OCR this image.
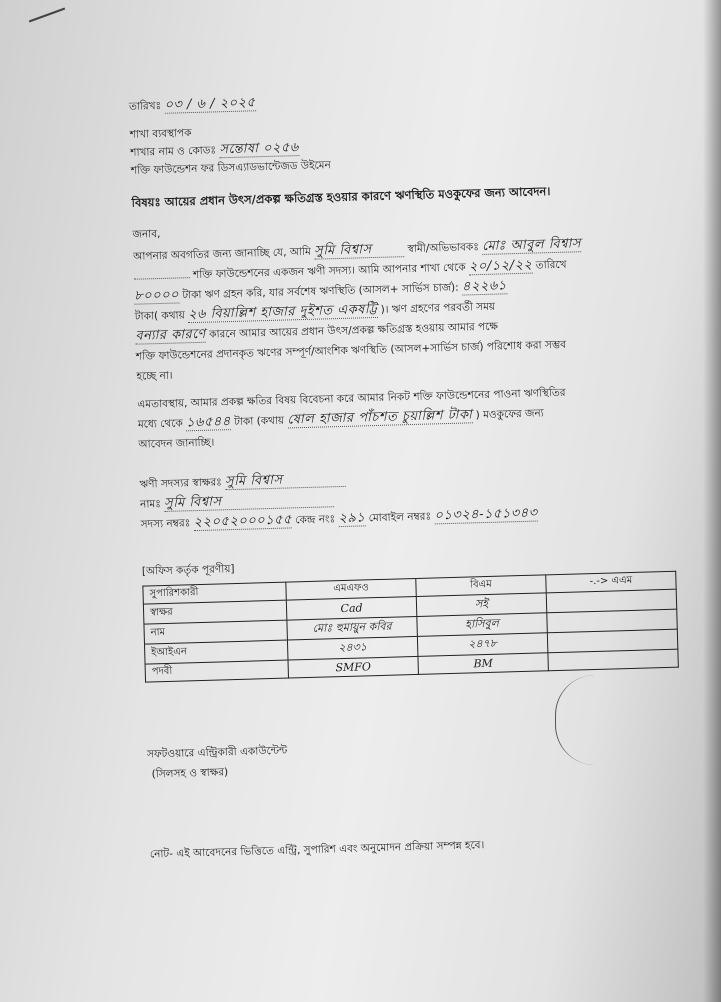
তারিখঃ ০৩ / ৬ / ২০২৫
শাখা ব্যবস্থাপক
শাখার নাম ও কোডঃ সন্তোষা ০২৫৬
শক্তি ফাউন্ডেশন ফর ডিসএ্যাডভান্টেজড উইমেন
বিষয়ঃ আয়ের প্রধান উৎস/প্রকল্প ক্ষতিগ্রস্ত হওয়ার কারণে ঋণস্থিতি মওকুফের জন্য আবেদন।
জনাব,
আপনার অবগতির জন্য জানাচ্ছি যে, আমি সুমি বিশ্বাস	স্বামী/অভিভাবকঃ মোঃ আবুল বিশ্বাস
শক্তি ফাউন্ডেশনের একজন ঋণী সদস্য। আমি আপনার শাখা থেকে ২০/১২/২২ তারিখে
৮০০০০ টাকা ঋণ গ্রহন করি, যার সর্বশেষ ঋণস্থিতি (আসল+ সার্ভিস চার্জ): ৪২২৬১
টাকা( কথায় ২৬ বিয়াল্লিশ হাজার দুইশত একষট্টি )। ঋণ গ্রহণের পরবর্তী সময়
বন্যার কারণে কারনে আমার আয়ের প্রধান উৎস/প্রকল্প ক্ষতিগ্রস্ত হওয়ায় আমার পক্ষে
শক্তি ফাউন্ডেশনের প্রদানকৃত ঋণের সম্পূর্ণ/আংশিক ঋণস্থিতি (আসল+সার্ভিস চার্জ) পরিশোধ করা সম্ভব
হচ্ছে না।
এমতাবস্থায়, আমার প্রকল্প ক্ষতির বিষয় বিবেচনা করে আমার নিকট শক্তি ফাউন্ডেশনের পাওনা ঋণস্থিতির
মধ্যে থেকে ১৬৫৪৪ টাকা (কথায় ষোল হাজার পাঁচশত চুয়াল্লিশ টাকা ) মওকুফের জন্য
আবেদন জানাচ্ছি।
ঋণী সদস্যর স্বাক্ষরঃ সুমি বিশ্বাস
নামঃ সুমি বিশ্বাস
সদস্য নম্বরঃ ২২০৫২০০০১৫৫ কেন্দ্র নংঃ ২৯১ মোবাইল নম্বরঃ ০১৩২৪-১৫১৩৪৩
[অফিস কর্তৃক পূরণীয়]
সুপারিশকারী	এমএফও	বিএম	-.-> এএম
স্বাক্ষর	Cad	সই	
নাম	মোঃ হুমায়ুন কবির	হাসিবুল	
ইআইএন	২৪৩১	২৪৭৮	
পদবী	SMFO	BM	
সফটওয়ারে এন্ট্রিকারী একাউন্টেন্ট
(সিলসহ ও স্বাক্ষর)
নোট- এই আবেদনের ভিত্তিতে এন্ট্রি, সুপারিশ এবং অনুমোদন প্রক্রিয়া সম্পন্ন হবে।
